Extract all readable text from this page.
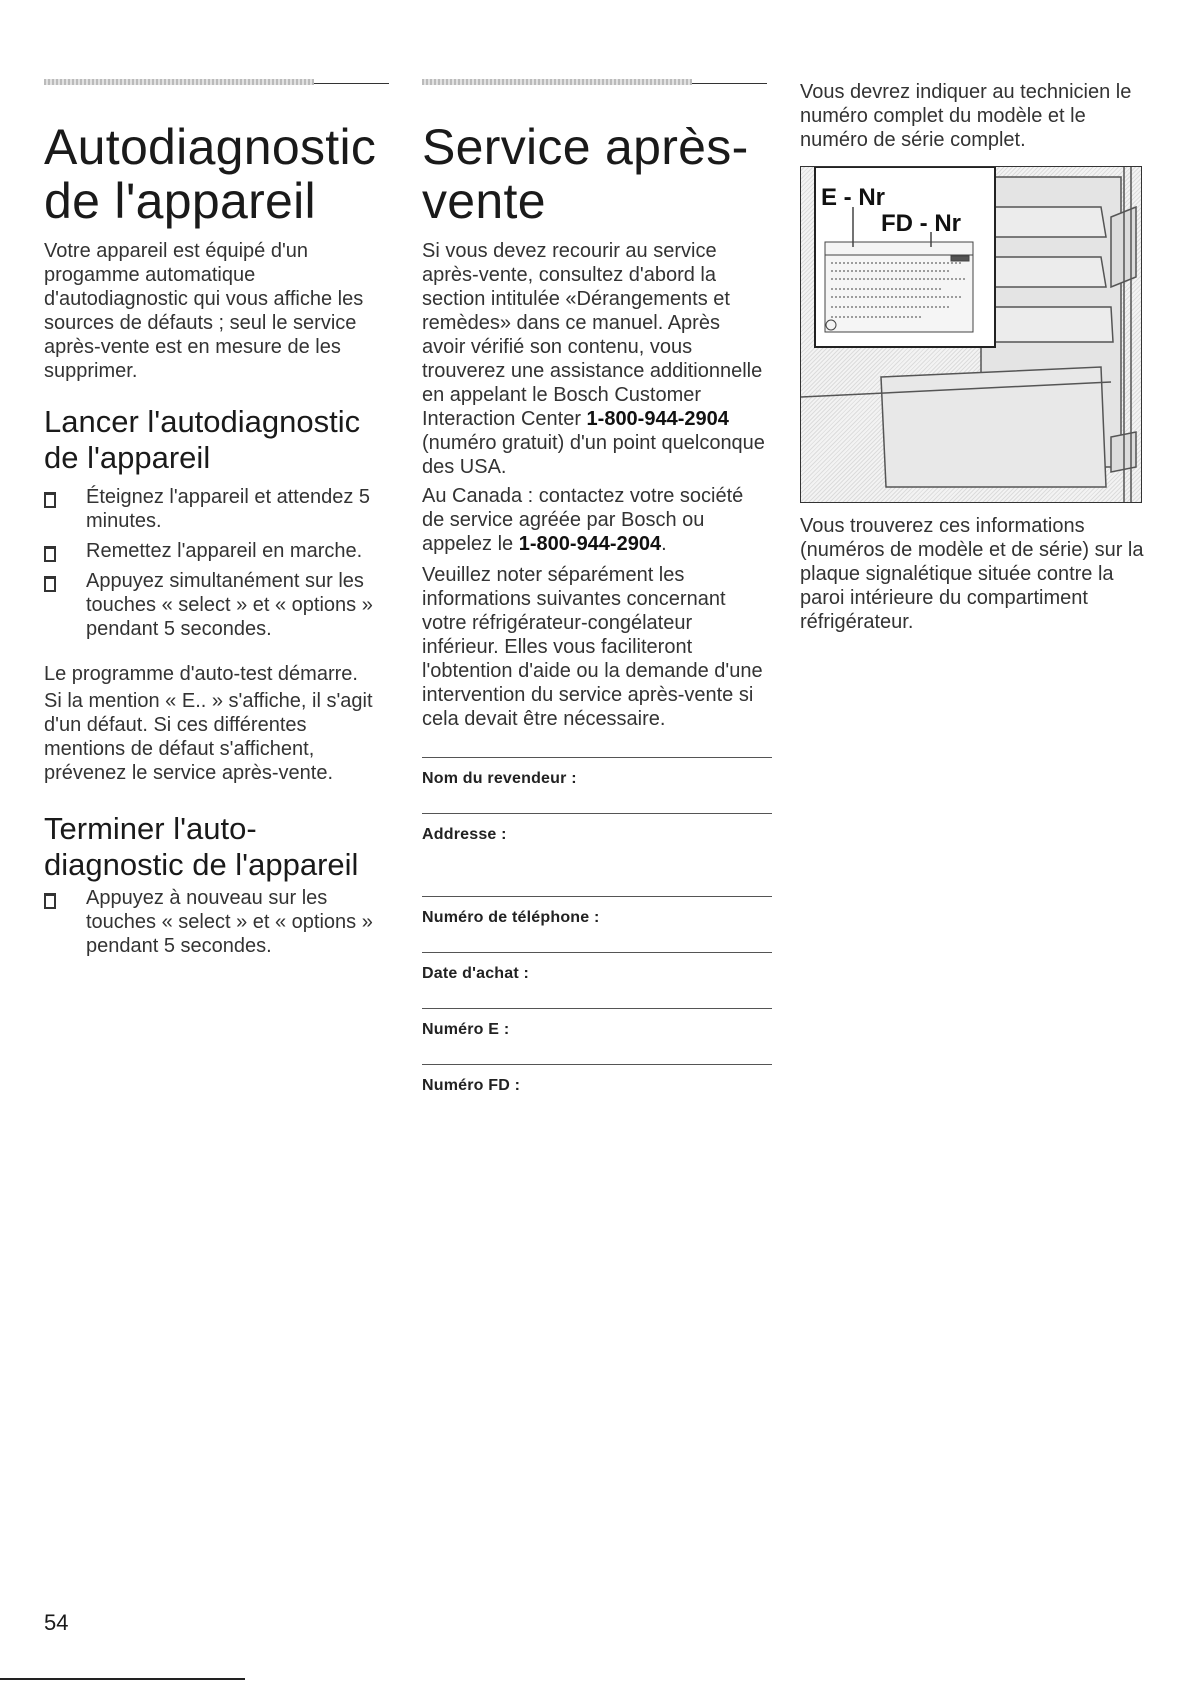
Autodiagnostic de l'appareil

Votre appareil est équipé d'un progamme automatique d'autodiagnostic qui vous affiche les sources de défauts ; seul le service après-vente est en mesure de les supprimer.

Lancer l'autodiagnostic de l'appareil
Éteignez l'appareil et attendez 5 minutes.
Remettez l'appareil en marche.
Appuyez simultanément sur les touches « select » et « options » pendant 5 secondes.

Le programme d'auto-test démarre.

Si la mention « E.. » s'affiche, il s'agit d'un défaut. Si ces différentes mentions de défaut s'affichent, prévenez le service après-vente.

Terminer l'auto-diagnostic de l'appareil
Appuyez à nouveau sur les touches « select » et « options » pendant 5 secondes.
Service après-vente

Si vous devez recourir au service après-vente, consultez d'abord la section intitulée «Dérangements et remèdes» dans ce manuel. Après avoir vérifié son contenu, vous trouverez une assistance additionnelle en appelant le Bosch Customer Interaction Center 1-800-944-2904 (numéro gratuit) d'un point quelconque des USA.

Au Canada : contactez votre société de service agréée par Bosch ou appelez le 1-800-944-2904.

Veuillez noter séparément les informations suivantes concernant votre réfrigérateur-congélateur inférieur. Elles vous faciliteront l'obtention d'aide ou la demande d'une intervention du service après-vente si cela devait être nécessaire.

Nom du revendeur :
Addresse :
Numéro de téléphone :
Date d'achat :
Numéro E :
Numéro FD :

Vous devrez indiquer au technicien le numéro complet du modèle et le numéro de série complet.

Vous trouverez ces informations (numéros de modèle et de série) sur la plaque signalétique située contre la paroi intérieure du compartiment réfrigérateur.

E - Nr
FD - Nr
54
